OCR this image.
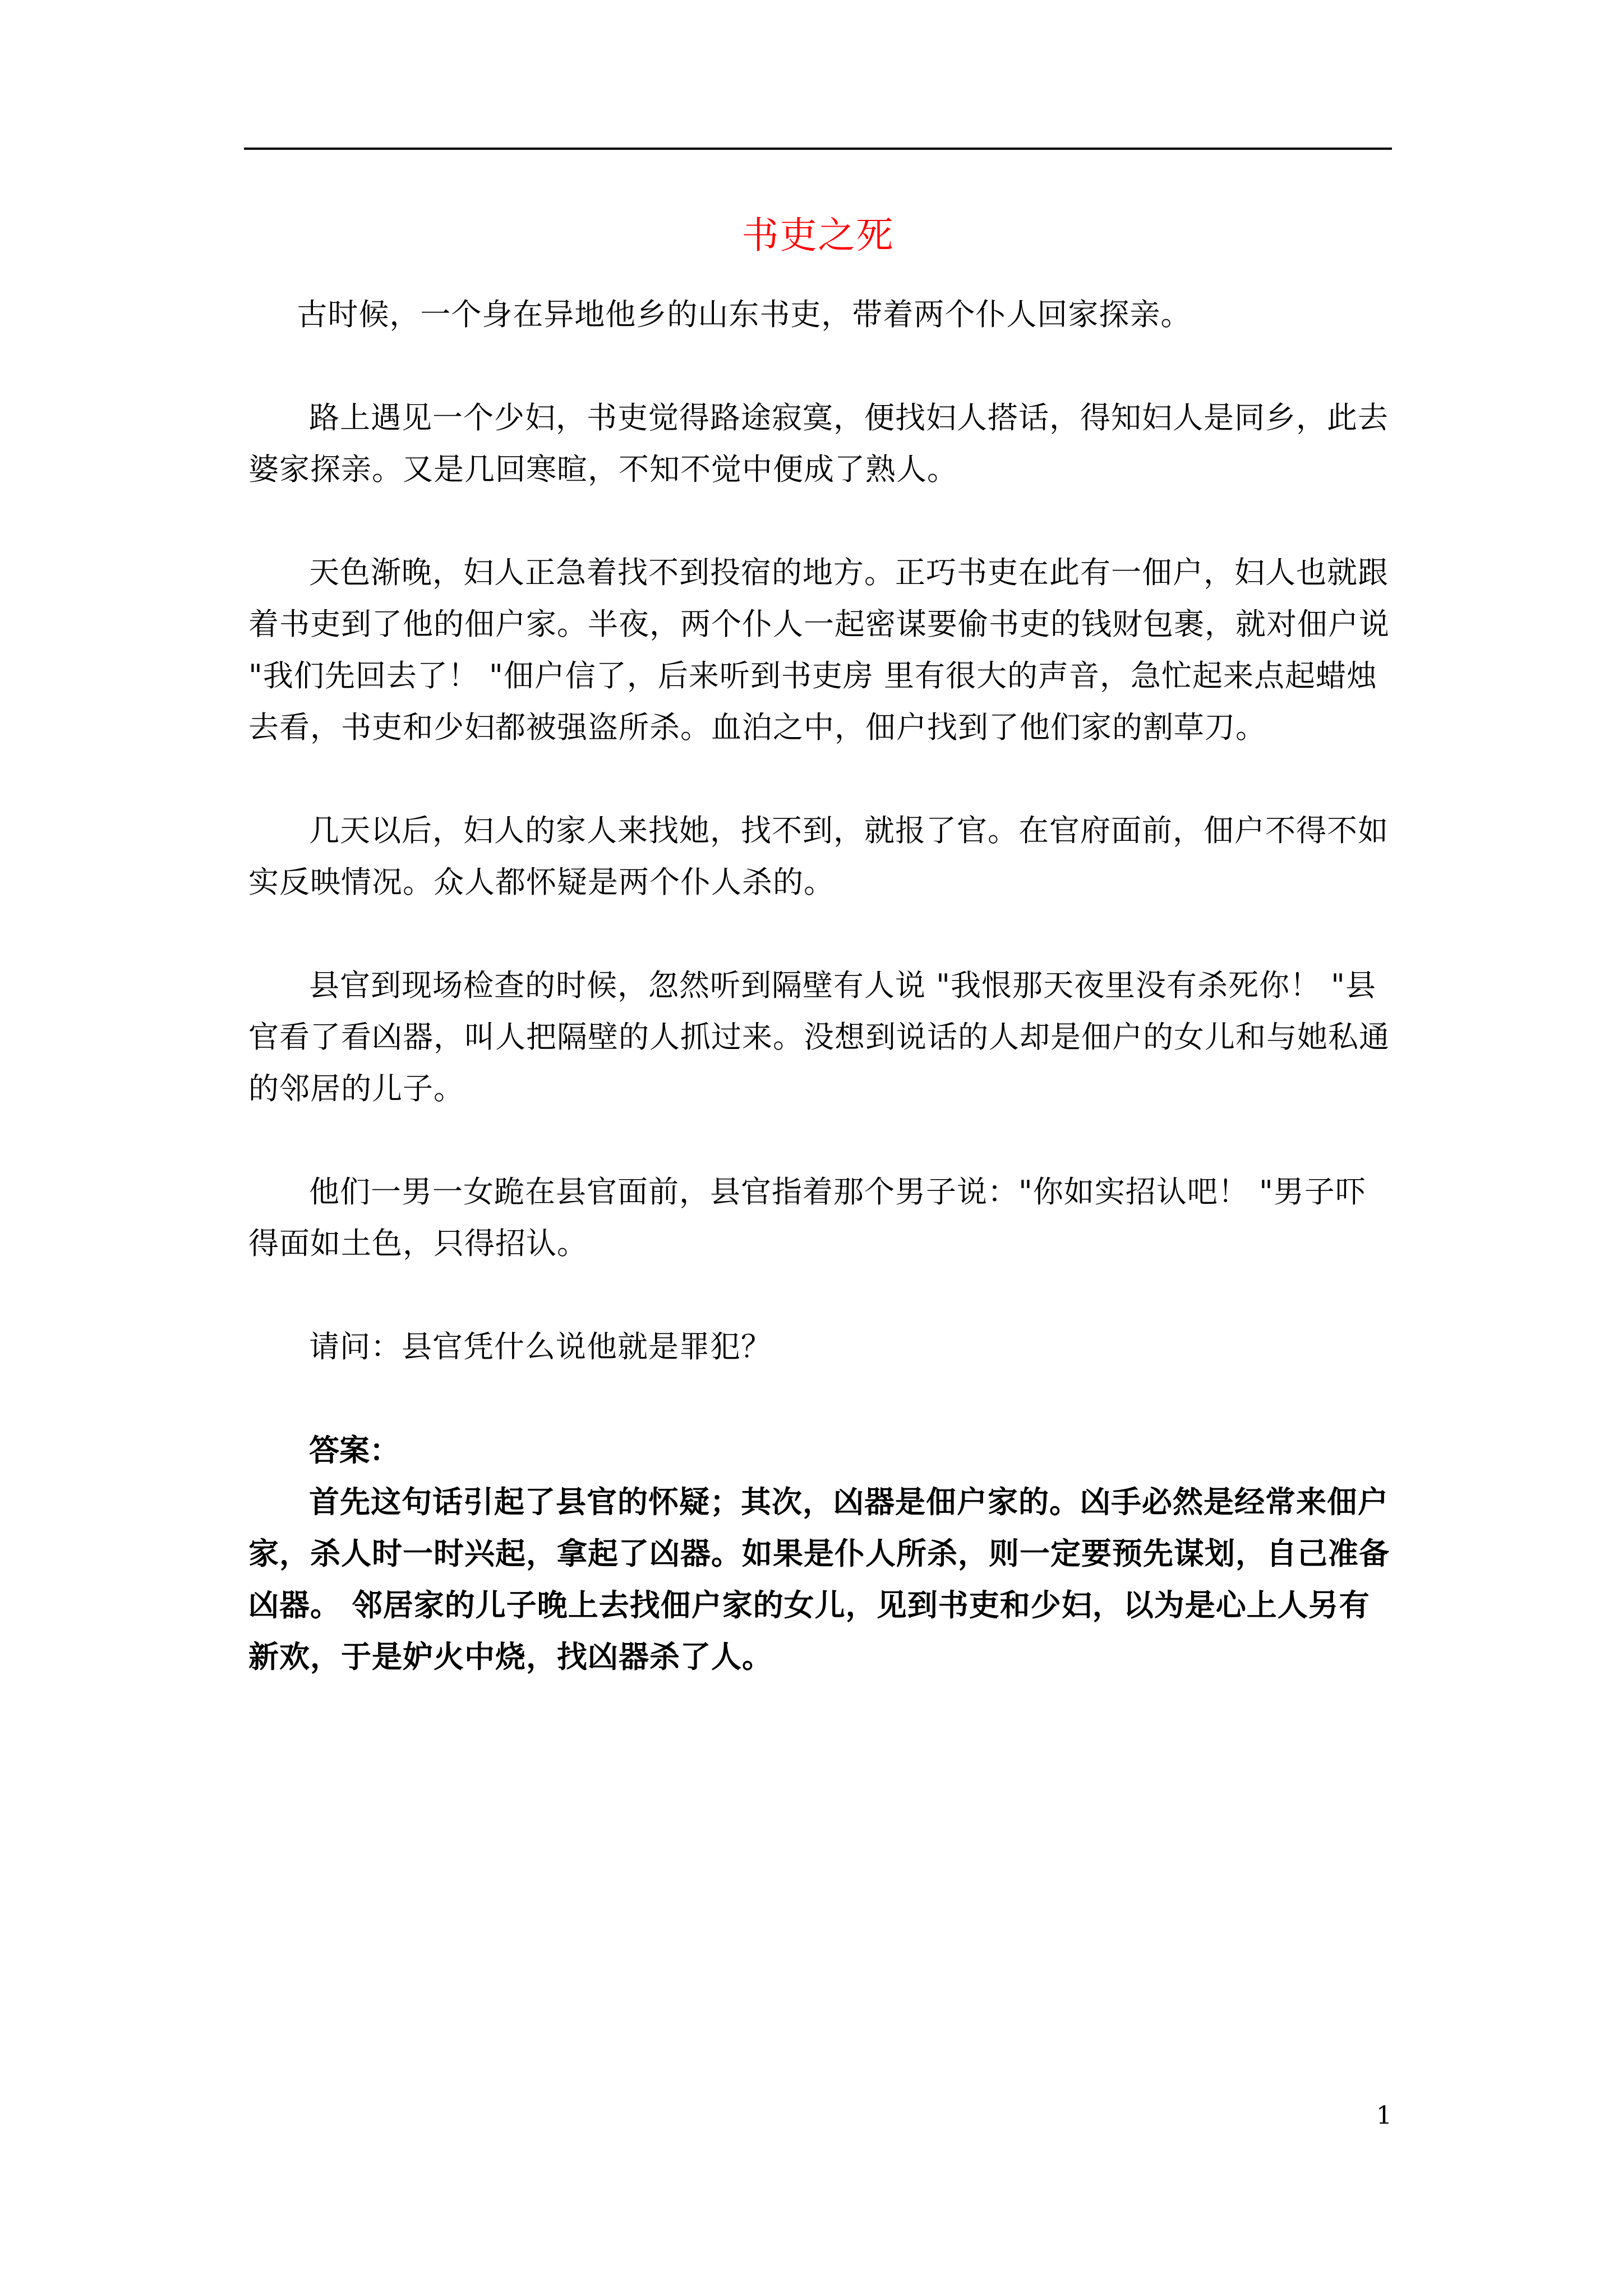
书吏之死

古时候，一个身在异地他乡的山东书吏，带着两个仆人回家探亲。

路上遇见一个少妇，书吏觉得路途寂寞，便找妇人搭话，得知妇人是同乡，此去婆家探亲。又是几回寒暄，不知不觉中便成了熟人。

天色渐晚，妇人正急着找不到投宿的地方。正巧书吏在此有一佃户，妇人也就跟着书吏到了他的佃户家。半夜，两个仆人一起密谋要偷书吏的钱财包裹，就对佃户说 "我们先回去了！ "佃户信了，后来听到书吏房 里有很大的声音，急忙起来点起蜡烛去看，书吏和少妇都被强盗所杀。血泊之中，佃户找到了他们家的割草刀。

几天以后，妇人的家人来找她，找不到，就报了官。在官府面前，佃户不得不如实反映情况。众人都怀疑是两个仆人杀的。

县官到现场检查的时候，忽然听到隔壁有人说 "我恨那天夜里没有杀死你！ "县官看了看凶器，叫人把隔壁的人抓过来。没想到说话的人却是佃户的女儿和与她私通的邻居的儿子。

他们一男一女跪在县官面前，县官指着那个男子说："你如实招认吧！ "男子吓得面如土色，只得招认。

请问：县官凭什么说他就是罪犯？

答案：

首先这句话引起了县官的怀疑；其次，凶器是佃户家的。凶手必然是经常来佃户家，杀人时一时兴起，拿起了凶器。如果是仆人所杀，则一定要预先谋划，自己准备凶器。 邻居家的儿子晚上去找佃户家的女儿，见到书吏和少妇，以为是心上人另有新欢，于是妒火中烧，找凶器杀了人。

1
